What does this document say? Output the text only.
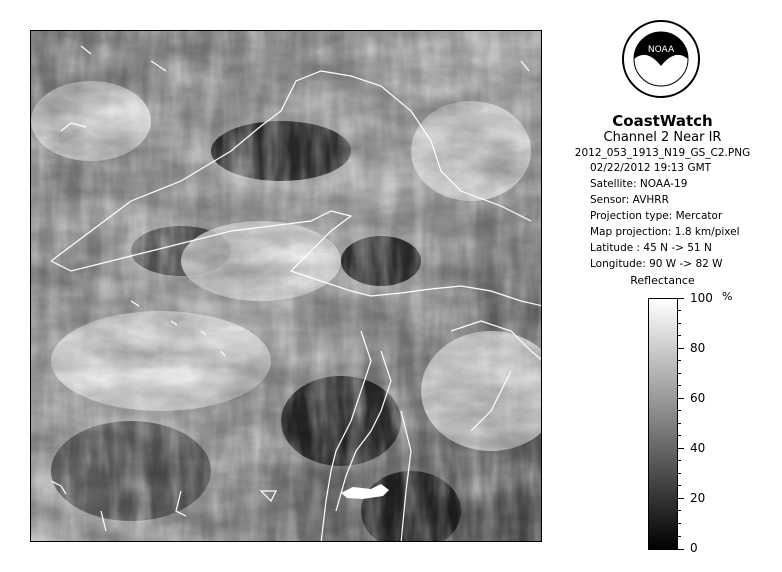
NOAA
CoastWatch
Channel 2 Near IR
2012_053_1913_N19_GS_C2.PNG
02/22/2012 19:13 GMT
Satellite: NOAA-19
Sensor: AVHRR
Projection type: Mercator
Map projection: 1.8 km/pixel
Latitude : 45 N -> 51 N
Longitude: 90 W -> 82 W
Reflectance
%
100
80
60
40
20
0
